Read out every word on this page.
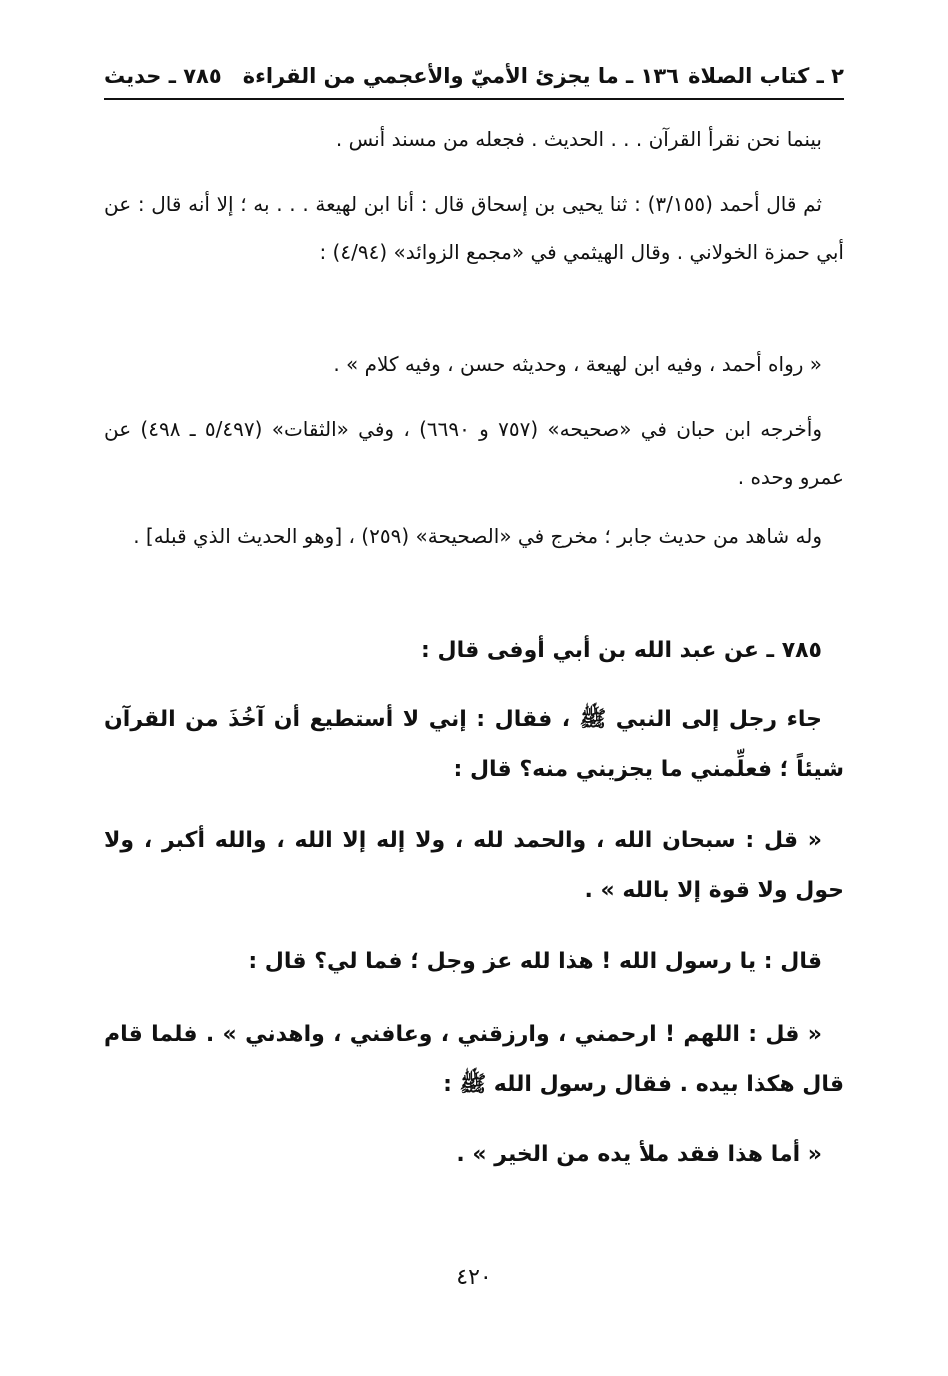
٢ ـ كتاب الصلاة
١٣٦ ـ ما يجزئ الأميّ والأعجمي من القراءة
٧٨٥ ـ حديث

بينما نحن نقرأ القرآن . . . الحديث . فجعله من مسند أنس .

ثم قال أحمد (٣/١٥٥) : ثنا يحيى بن إسحاق قال : أنا ابن لهيعة . . . به ؛ إلا أنه قال : عن أبي حمزة الخولاني . وقال الهيثمي في «مجمع الزوائد» (٤/٩٤) :

« رواه أحمد ، وفيه ابن لهيعة ، وحديثه حسن ، وفيه كلام » .

وأخرجه ابن حبان في «صحيحه» (٧٥٧ و ٦٦٩٠) ، وفي «الثقات» (٥/٤٩٧ ـ ٤٩٨) عن عمرو وحده .

وله شاهد من حديث جابر ؛ مخرج في «الصحيحة» (٢٥٩) ، [وهو الحديث الذي قبله] .

٧٨٥ ـ عن عبد الله بن أبي أوفى قال :

جاء رجل إلى النبي ﷺ ، فقال : إني لا أستطيع أن آخُذَ من القرآن شيئاً ؛ فعلِّمني ما يجزيني منه؟ قال :

« قل : سبحان الله ، والحمد لله ، ولا إله إلا الله ، والله أكبر ، ولا حول ولا قوة إلا بالله » .

قال : يا رسول الله ! هذا لله عز وجل ؛ فما لي؟ قال :

« قل : اللهم ! ارحمني ، وارزقني ، وعافني ، واهدني » . فلما قام قال هكذا بيده . فقال رسول الله ﷺ :

« أما هذا فقد ملأ يده من الخير » .

٤٢٠
